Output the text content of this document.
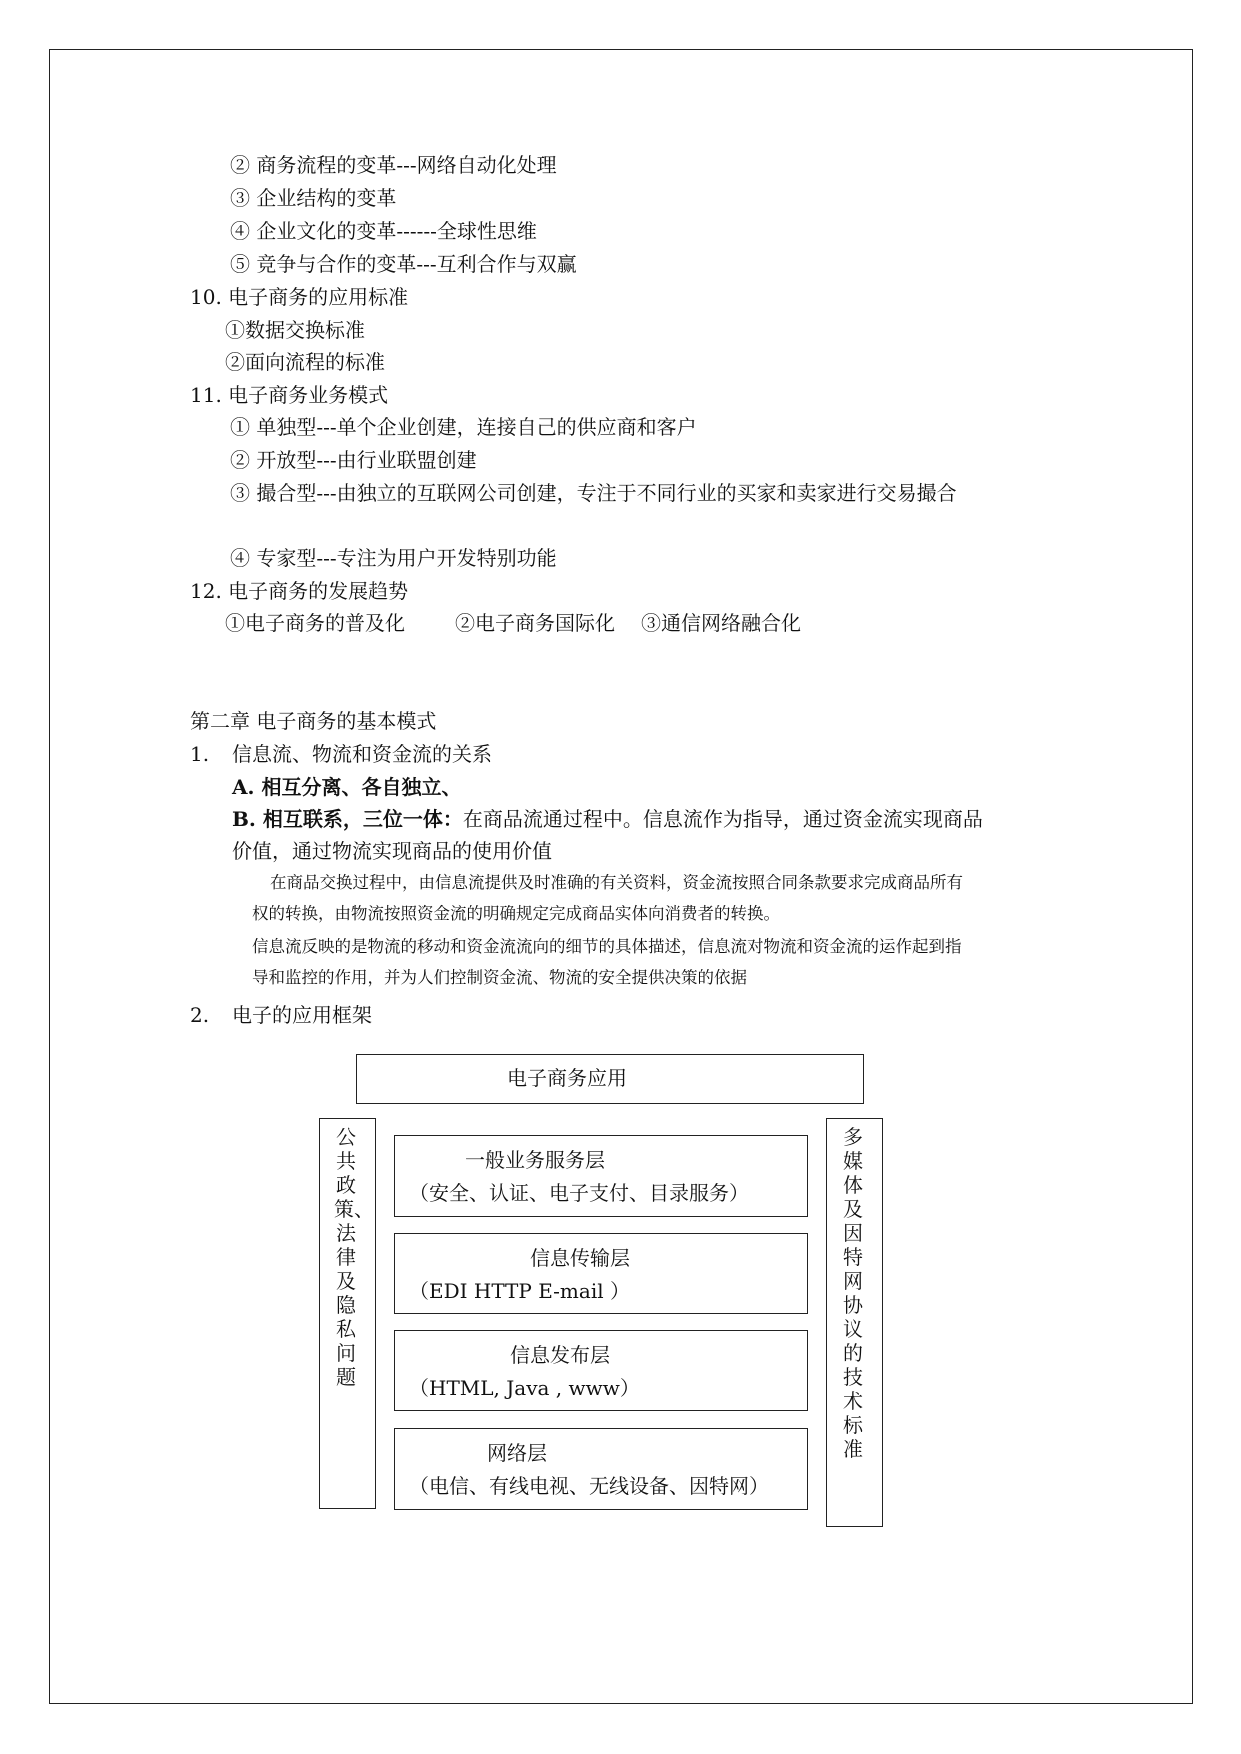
② 商务流程的变革---网络自动化处理
③ 企业结构的变革
④ 企业文化的变革------全球性思维
⑤ 竞争与合作的变革---互利合作与双赢
10. 电子商务的应用标准
①数据交换标准
②面向流程的标准
11. 电子商务业务模式
① 单独型---单个企业创建，连接自己的供应商和客户
② 开放型---由行业联盟创建
③ 撮合型---由独立的互联网公司创建，专注于不同行业的买家和卖家进行交易撮合
④ 专家型---专注为用户开发特别功能
12. 电子商务的发展趋势
①电子商务的普及化	②电子商务国际化 ③通信网络融合化
第二章 电子商务的基本模式
1. 信息流、物流和资金流的关系
A. 相互分离、各自独立、
B. 相互联系，三位一体：在商品流通过程中。信息流作为指导，通过资金流实现商品
价值，通过物流实现商品的使用价值
在商品交换过程中，由信息流提供及时准确的有关资料，资金流按照合同条款要求完成商品所有
权的转换，由物流按照资金流的明确规定完成商品实体向消费者的转换。
信息流反映的是物流的移动和资金流流向的细节的具体描述，信息流对物流和资金流的运作起到指
导和监控的作用，并为人们控制资金流、物流的安全提供决策的依据
2. 电子的应用框架
电子商务应用
公共政策、法律及隐私问题
多媒体及因特网协议的技术标准
一般业务服务层
（安全、认证、电子支付、目录服务）
信息传输层
（EDI HTTP E-mail ）
信息发布层
（HTML, Java , www）
网络层
（电信、有线电视、无线设备、因特网）
